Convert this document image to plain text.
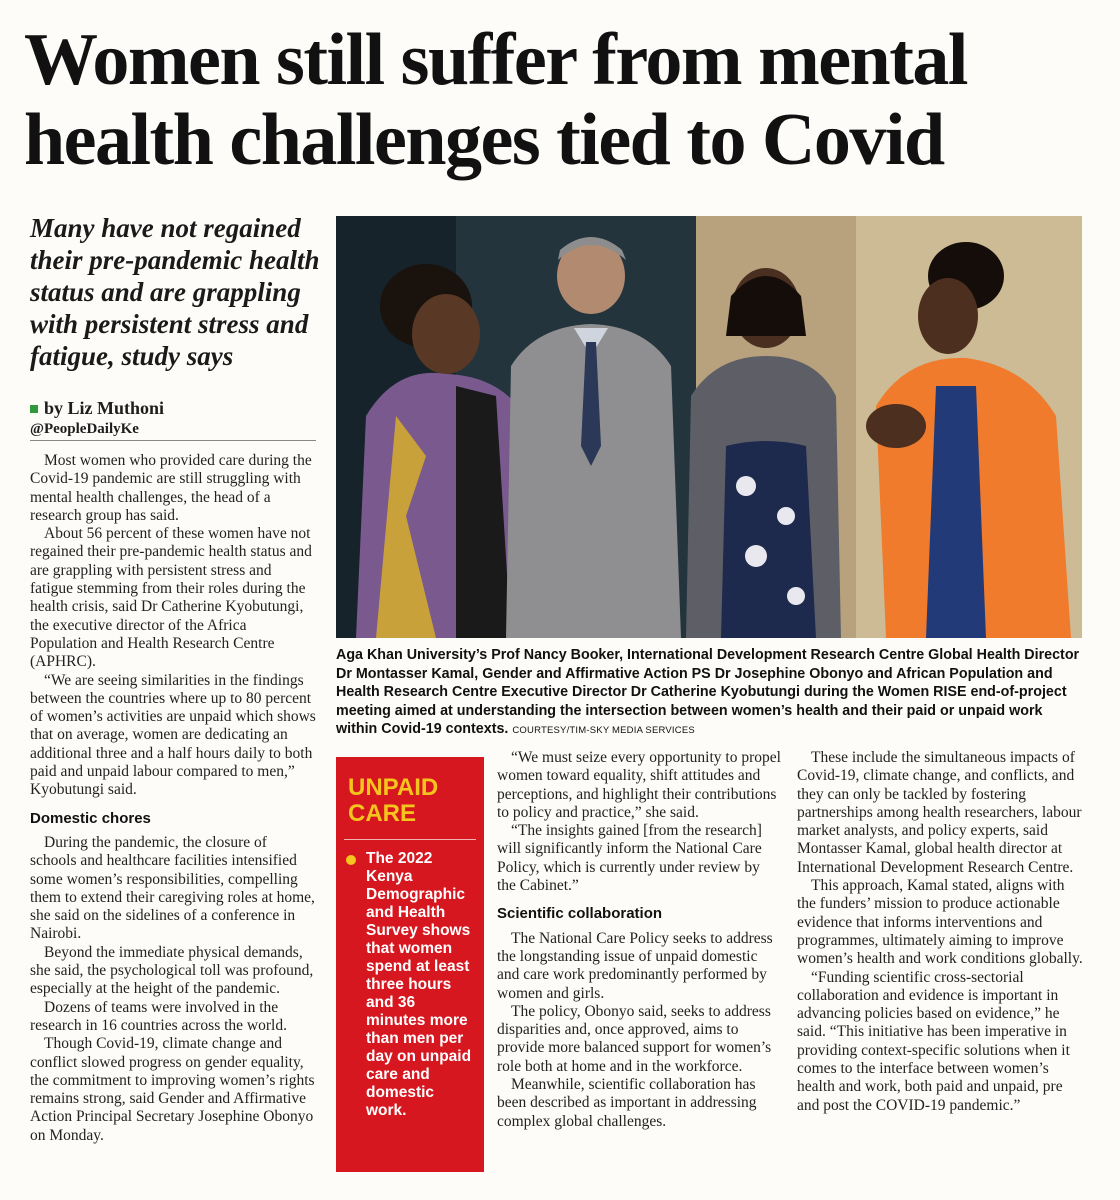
Women still suffer from mental
health challenges tied to Covid
Many have not regained their pre-pandemic health status and are grappling with persistent stress and fatigue, study says
by Liz Muthoni
@PeopleDailyKe

Most women who provided care during the Covid-19 pandemic are still struggling with mental health challenges, the head of a research group has said.

About 56 percent of these women have not regained their pre-pandemic health status and are grappling with persistent stress and fatigue stemming from their roles during the health crisis, said Dr Catherine Kyobutungi, the executive director of the Africa Population and Health Research Centre (APHRC).

“We are seeing similarities in the findings between the countries where up to 80 percent of women’s activities are unpaid which shows that on average, women are dedicating an additional three and a half hours daily to both paid and unpaid labour compared to men,” Kyobutungi said.

Domestic chores

During the pandemic, the closure of schools and healthcare facilities intensified some women’s responsibilities, compelling them to extend their caregiving roles at home, she said on the sidelines of a conference in Nairobi.

Beyond the immediate physical demands, she said, the psychological toll was profound, especially at the height of the pandemic.

Dozens of teams were involved in the research in 16 countries across the world.

Though Covid-19, climate change and conflict slowed progress on gender equality, the commitment to improving women’s rights remains strong, said Gender and Affirmative Action Principal Secretary Josephine Obonyo on Monday.

Aga Khan University’s Prof Nancy Booker, International Development Research Centre Global Health Director Dr Montasser Kamal, Gender and Affirmative Action PS Dr Josephine Obonyo and African Population and Health Research Centre Executive Director Dr Catherine Kyobutungi during the Women RISE end-of-project meeting aimed at understanding the intersection between women’s health and their paid or unpaid work within Covid-19 contexts. COURTESY/TIM-SKY MEDIA SERVICES
UNPAID
CARE
The 2022 Kenya Demographic and Health Survey shows that women spend at least three hours and 36 minutes more than men per day on unpaid care and domestic work.

“We must seize every opportunity to propel women toward equality, shift attitudes and perceptions, and highlight their contributions to policy and practice,” she said.

“The insights gained [from the research] will significantly inform the National Care Policy, which is currently under review by the Cabinet.”

Scientific collaboration

The National Care Policy seeks to address the longstanding issue of unpaid domestic and care work predominantly performed by women and girls.

The policy, Obonyo said, seeks to address disparities and, once approved, aims to provide more balanced support for women’s role both at home and in the workforce.

Meanwhile, scientific collaboration has been described as important in addressing complex global challenges.

These include the simultaneous impacts of Covid-19, climate change, and conflicts, and they can only be tackled by fostering partnerships among health researchers, labour market analysts, and policy experts, said Montasser Kamal, global health director at International Development Research Centre.

This approach, Kamal stated, aligns with the funders’ mission to produce actionable evidence that informs interventions and programmes, ultimately aiming to improve women’s health and work conditions globally.

“Funding scientific cross-sectorial collaboration and evidence is important in advancing policies based on evidence,” he said. “This initiative has been imperative in providing context-specific solutions when it comes to the interface between women’s health and work, both paid and unpaid, pre and post the COVID-19 pandemic.”
